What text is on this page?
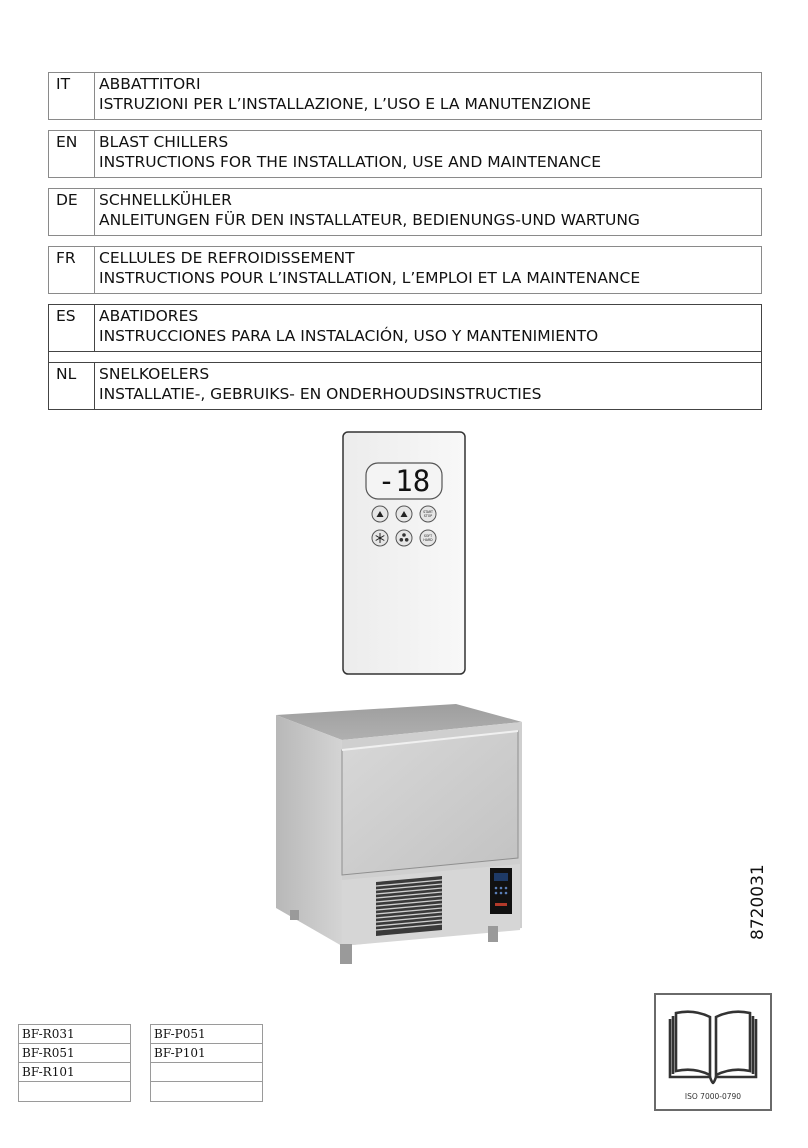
IT	ABBATTITORI
ISTRUZIONI PER L’INSTALLAZIONE, L’USO E LA MANUTENZIONE
EN	BLAST CHILLERS
INSTRUCTIONS FOR THE INSTALLATION, USE AND MAINTENANCE
DE	SCHNELLKÜHLER
ANLEITUNGEN FÜR DEN INSTALLATEUR, BEDIENUNGS-UND WARTUNG
FR	CELLULES DE REFROIDISSEMENT
INSTRUCTIONS POUR L’INSTALLATION, L’EMPLOI ET LA MAINTENANCE
ES	ABATIDORES
INSTRUCCIONES PARA LA INSTALACIÓN, USO Y MANTENIMIENTO
NL	SNELKOELERS
INSTALLATIE-, GEBRUIKS- EN ONDERHOUDSINSTRUCTIES
-18
START STOP
SOFT HARD
BF-R031
BF-R051
BF-R101
BF-P051
BF-P101
8720031
ISO 7000-0790
